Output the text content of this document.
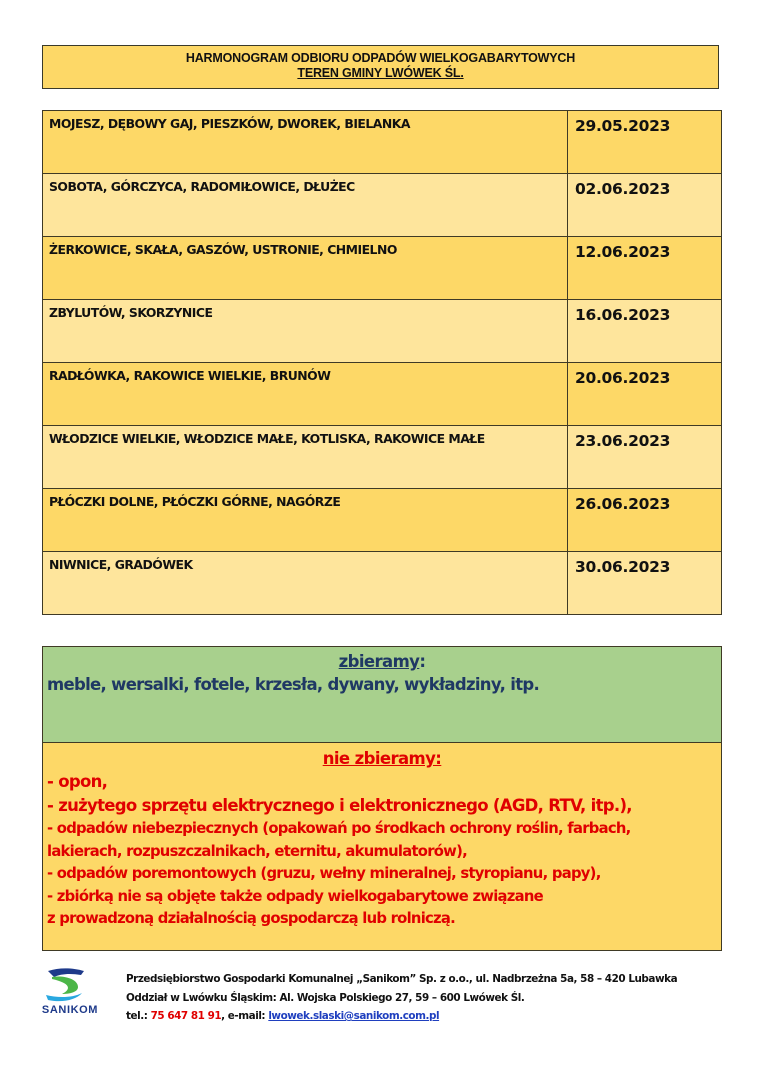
HARMONOGRAM ODBIORU ODPADÓW WIELKOGABARYTOWYCH
TEREN GMINY LWÓWEK ŚL.
MOJESZ, DĘBOWY GAJ, PIESZKÓW, DWOREK, BIELANKA	29.05.2023
SOBOTA, GÓRCZYCA, RADOMIŁOWICE, DŁUŻEC	02.06.2023
ŻERKOWICE, SKAŁA, GASZÓW, USTRONIE, CHMIELNO	12.06.2023
ZBYLUTÓW, SKORZYNICE	16.06.2023
RADŁÓWKA, RAKOWICE WIELKIE, BRUNÓW	20.06.2023
WŁODZICE WIELKIE, WŁODZICE MAŁE, KOTLISKA, RAKOWICE MAŁE	23.06.2023
PŁÓCZKI DOLNE, PŁÓCZKI GÓRNE, NAGÓRZE	26.06.2023
NIWNICE, GRADÓWEK	30.06.2023
zbieramy:
meble, wersalki, fotele, krzesła, dywany, wykładziny, itp.
nie zbieramy:
- opon,
- zużytego sprzętu elektrycznego i elektronicznego (AGD, RTV, itp.),
- odpadów niebezpiecznych (opakowań po środkach ochrony roślin, farbach,
lakierach, rozpuszczalnikach, eternitu, akumulatorów),
- odpadów poremontowych (gruzu, wełny mineralnej, styropianu, papy),
- zbiórką nie są objęte także odpady wielkogabarytowe związane
z prowadzoną działalnością gospodarczą lub rolniczą.
SANIKOM
Przedsiębiorstwo Gospodarki Komunalnej „Sanikom” Sp. z o.o., ul. Nadbrzeżna 5a, 58 – 420 Lubawka
Oddział w Lwówku Śląskim: Al. Wojska Polskiego 27, 59 – 600 Lwówek Śl.
tel.: 75 647 81 91, e-mail: lwowek.slaski@sanikom.com.pl
